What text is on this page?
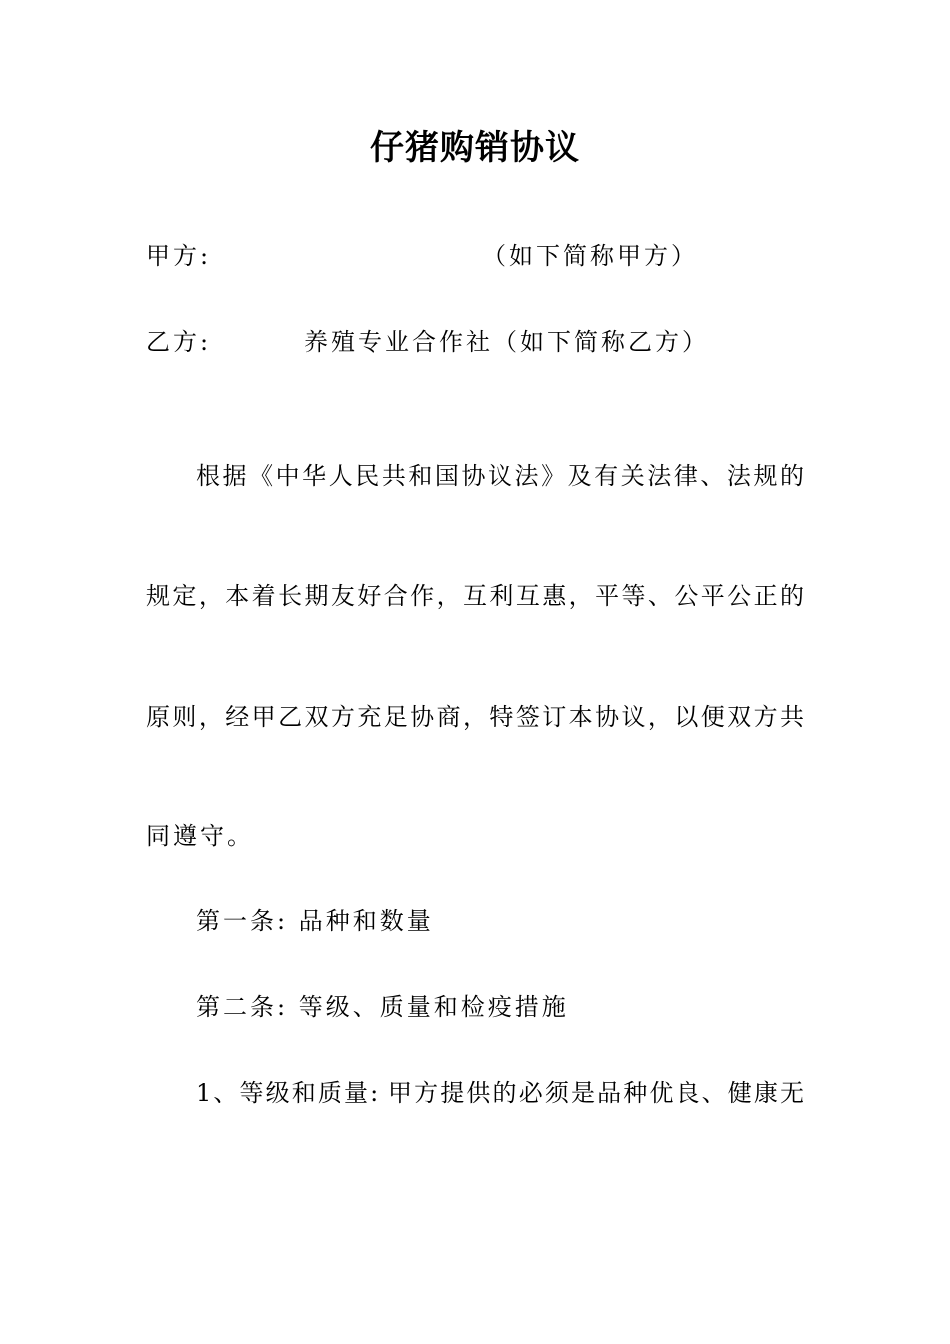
仔猪购销协议
甲方:	（如下简称甲方）
乙方:	养殖专业合作社（如下简称乙方）
根据《中华人民共和国协议法》及有关法律、法规的
规定，本着长期友好合作，互利互惠，平等、公平公正的
原则，经甲乙双方充足协商，特签订本协议，以便双方共
同遵守。
第一条: 品种和数量
第二条: 等级、质量和检疫措施
1、等级和质量: 甲方提供的必须是品种优良、健康无
